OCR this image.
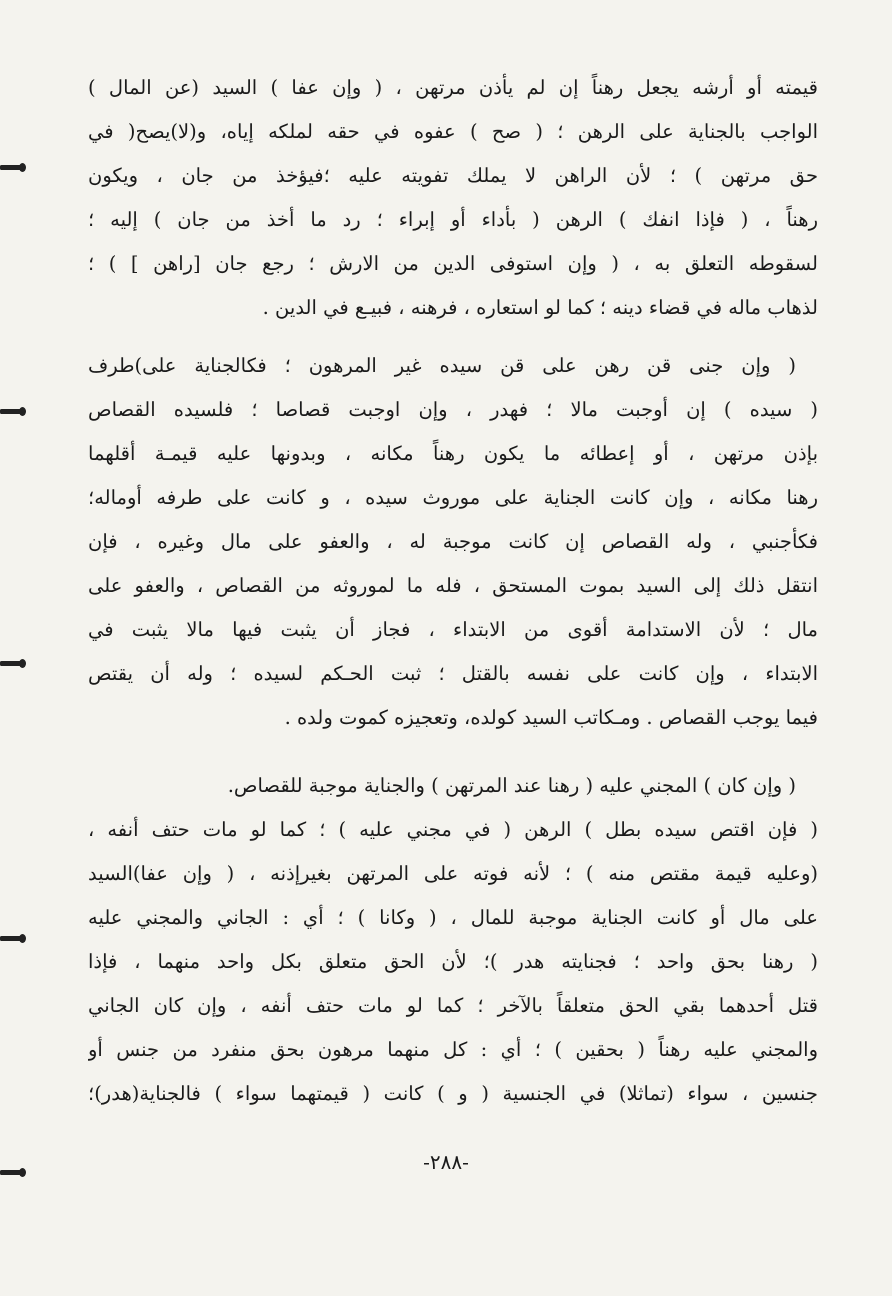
قيمته أو أرشه يجعل رهناً إن لم يأذن مرتهن ، ( وإن عفا ) السيد (عن المال )
الواجب بالجناية على الرهن ؛ ( صح ) عفوه في حقه لملكه إياه، و(لا)يصح( في
حق مرتهن ) ؛ لأن الراهن لا يملك تفويته عليه ؛فيؤخذ من جان ، ويكون
رهناً ، ( فإذا انفك ) الرهن ( بأداء أو إبراء ؛ رد ما أخذ من جان ) إليه ؛
لسقوطه التعلق به ، ( وإن استوفى الدين من الارش ؛ رجع جان [راهن ] ) ؛
لذهاب ماله في قضاء دينه ؛ كما لو استعاره ، فرهنه ، فبيـع في الدين .
( وإن جنى قن رهن على قن سيده غير المرهون ؛ فكالجناية على)طرف
( سيده ) إن أوجبت مالا ؛ فهدر ، وإن اوجبت قصاصا ؛ فلسيده القصاص
بإذن مرتهن ، أو إعطائه ما يكون رهناً مكانه ، وبدونها عليه قيمـة أقلهما
رهنا مكانه ، وإن كانت الجناية على موروث سيده ، و كانت على طرفه أوماله؛
فكأجنبي ، وله القصاص إن كانت موجبة له ، والعفو على مال وغيره ، فإن
انتقل ذلك إلى السيد بموت المستحق ، فله ما لموروثه من القصاص ، والعفو على
مال ؛ لأن الاستدامة أقوى من الابتداء ، فجاز أن يثبت فيها مالا يثبت في
الابتداء ، وإن كانت على نفسه بالقتل ؛ ثبت الحـكم لسيده ؛ وله أن يقتص
فيما يوجب القصاص . ومـكاتب السيد كولده، وتعجيزه كموت ولده .
( وإن كان ) المجني عليه ( رهنا عند المرتهن ) والجناية موجبة للقصاص.
( فإن اقتص سيده بطل ) الرهن ( في مجني عليه ) ؛ كما لو مات حتف أنفه ،
(وعليه قيمة مقتص منه ) ؛ لأنه فوته على المرتهن بغيرإذنه ، ( وإن عفا)السيد
على مال أو كانت الجناية موجبة للمال ، ( وكانا ) ؛ أي : الجاني والمجني عليه
( رهنا بحق واحد ؛ فجنايته هدر )؛ لأن الحق متعلق بكل واحد منهما ، فإذا
قتل أحدهما بقي الحق متعلقاً بالآخر ؛ كما لو مات حتف أنفه ، وإن كان الجاني
والمجني عليه رهناً ( بحقين ) ؛ أي : كل منهما مرهون بحق منفرد من جنس أو
جنسين ، سواء (تماثلا) في الجنسية ( و ) كانت ( قيمتهما سواء ) فالجناية(هدر)؛
-٢٨٨-
